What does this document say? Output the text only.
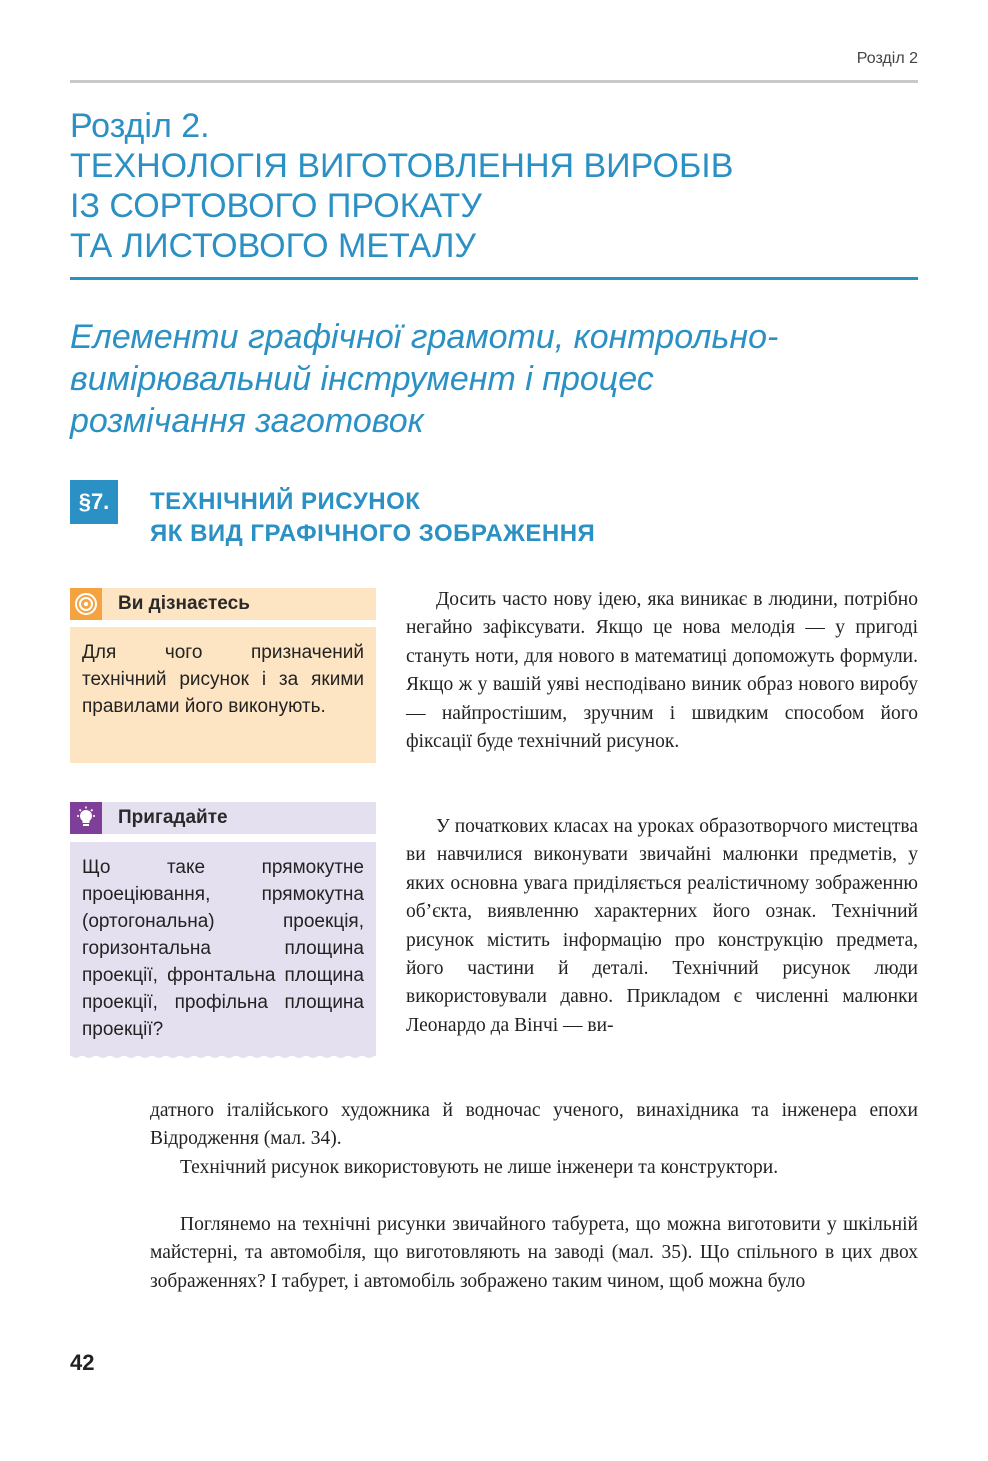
Розділ 2
Розділ 2.
ТЕХНОЛОГІЯ ВИГОТОВЛЕННЯ ВИРОБІВ
ІЗ СОРТОВОГО ПРОКАТУ
ТА ЛИСТОВОГО МЕТАЛУ
Елементи графічної грамоти, контрольно-
вимірювальний інструмент і процес
розмічання заготовок
§7.	ТЕХНІЧНИЙ РИСУНОК
ЯК ВИД ГРАФІЧНОГО ЗОБРАЖЕННЯ
Ви дізнаєтесь
Для чого призначений технічний рисунок і за якими правилами його виконують.
Пригадайте
Що таке прямокутне проеціювання, прямокутна (ортогональна) проекція, горизонтальна площина проекції, фронтальна площина проекції, профільна площина проекції?

Досить часто нову ідею, яка виникає в людини, потрібно негайно зафіксувати. Якщо це нова мелодія — у пригоді стануть ноти, для нового в математиці допоможуть формули. Якщо ж у вашій уяві несподівано виник образ нового виробу — найпростішим, зручним і швидким способом його фіксації буде технічний рисунок.

У початкових класах на уроках образотворчого мистецтва ви навчилися виконувати звичайні малюнки предметів, у яких основна увага приділяється реалістичному зображенню об’єкта, виявленню характерних його ознак. Технічний рисунок містить інформацію про конструкцію предмета, його частини й деталі. Технічний рисунок люди використовували давно. Прикладом є численні малюнки Леонардо да Вінчі — ви-

датного італійського художника й водночас ученого, винахідника та інженера епохи Відродження (мал. 34).

Технічний рисунок використовують не лише інженери та конструктори.

Поглянемо на технічні рисунки звичайного табурета, що можна виготовити у шкільній майстерні, та автомобіля, що виготовляють на заводі (мал. 35). Що спільного в цих двох зображеннях? І табурет, і автомобіль зображено таким чином, щоб можна було

42
